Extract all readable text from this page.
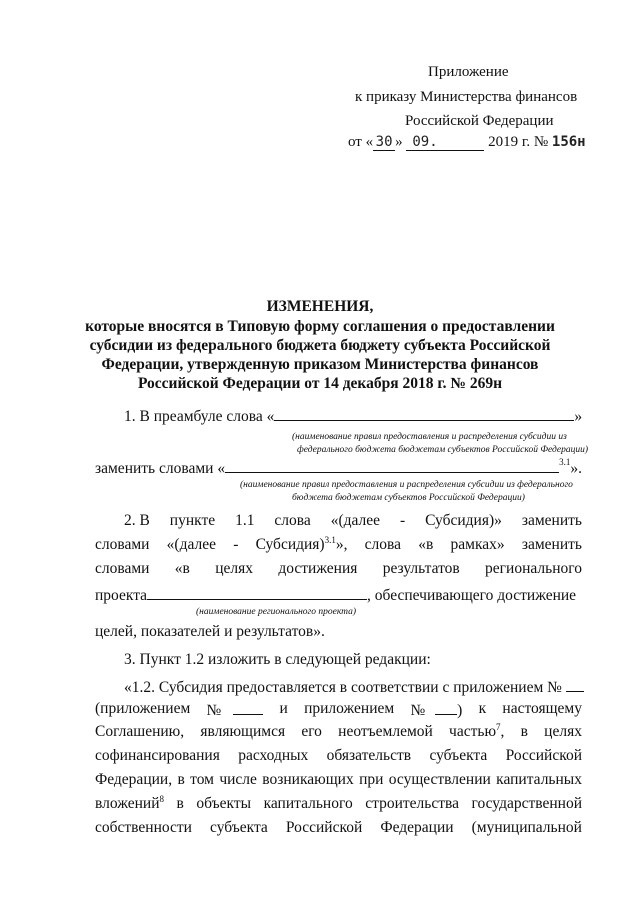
Приложение
к приказу Министерства финансов
Российской Федерации
от « 30 » 09.	2019 г. № 156н
ИЗМЕНЕНИЯ,
которые вносятся в Типовую форму соглашения о предоставлении
субсидии из федерального бюджета бюджету субъекта Российской
Федерации, утвержденную приказом Министерства финансов
Российской Федерации от 14 декабря 2018 г. № 269н
1. В преамбуле слова «	»
(наименование правил предоставления и распределения субсидии из
федерального бюджета бюджетам субъектов Российской Федерации)
заменить словами «	$^{3.1}$».
(наименование правил предоставления и распределения субсидии из федерального
бюджета бюджетам субъектов Российской Федерации)
2. В пункте 1.1 слова «(далее - Субсидия)» заменить
словами «(далее - Субсидия)$^{3.1}$», слова «в рамках» заменить
словами «в целях достижения результатов регионального
проекта	, обеспечивающего достижение
(наименование регионального проекта)
целей, показателей и результатов».
3. Пункт 1.2 изложить в следующей редакции:
«1.2. Субсидия предоставляется в соответствии с приложением №
(приложением №	и приложением № ) к настоящему
Соглашению, являющимся его неотъемлемой частью$^7$, в целях
софинансирования расходных обязательств субъекта Российской
Федерации, в том числе возникающих при осуществлении капитальных
вложений$^8$ в объекты капитального строительства государственной
собственности субъекта Российской Федерации (муниципальной
